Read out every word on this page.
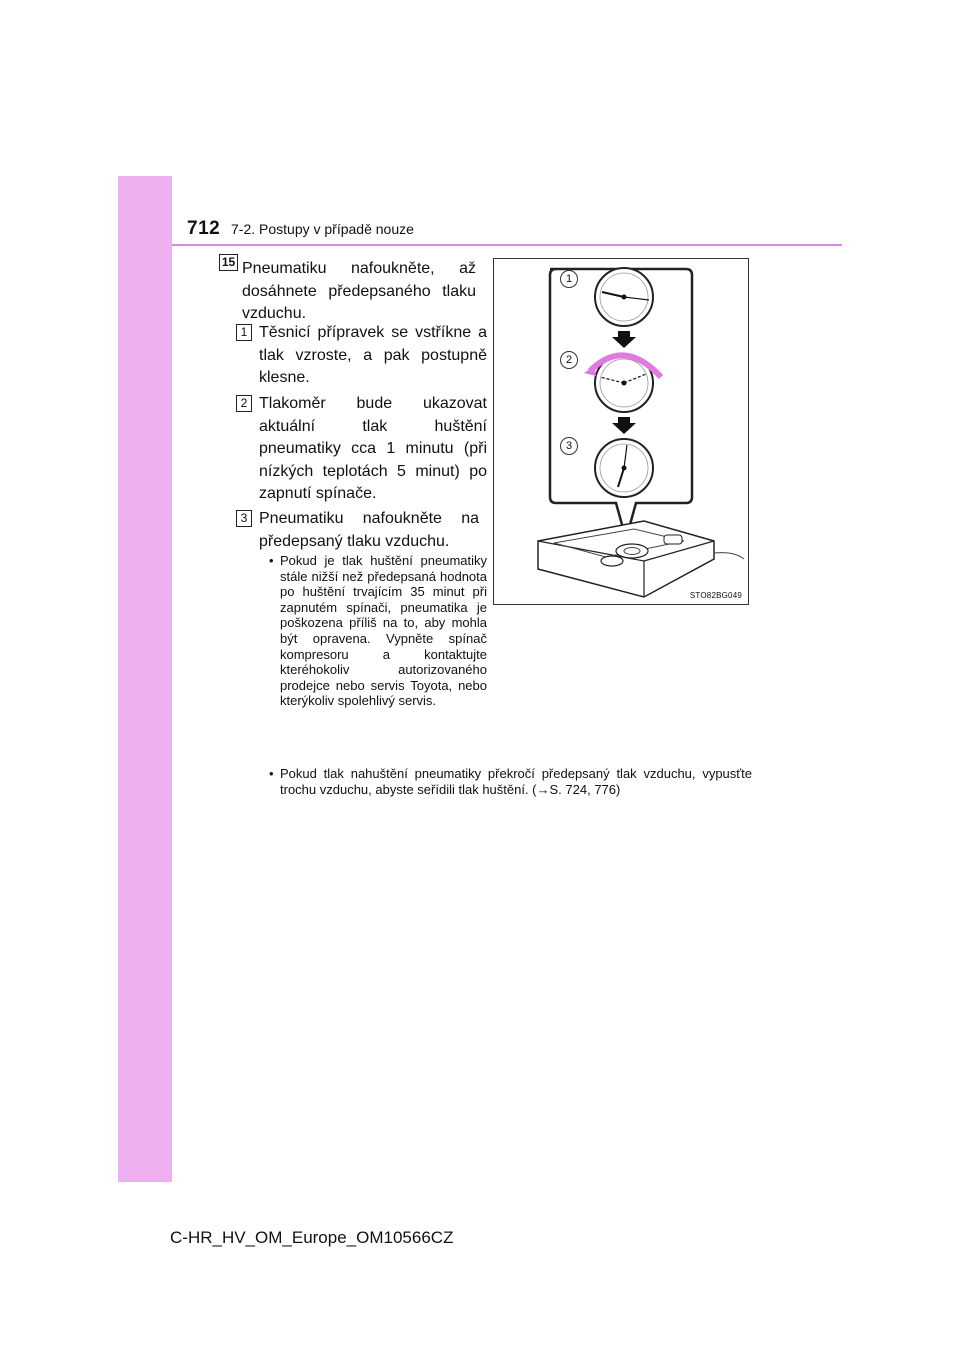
712 7-2. Postupy v případě nouze
15 Pneumatiku nafoukněte, až dosáhnete předepsaného tlaku vzduchu.
1 Těsnicí přípravek se vstříkne a tlak vzroste, a pak postupně klesne.
2 Tlakoměr bude ukazovat aktuální tlak huštění pneumatiky cca 1 minutu (při nízkých teplotách 5 minut) po zapnutí spínače.
3 Pneumatiku nafoukněte na předepsaný tlaku vzduchu.
• Pokud je tlak huštění pneumatiky stále nižší než předepsaná hodnota po huštění trvajícím 35 minut při zapnutém spínači, pneumatika je poškozena příliš na to, aby mohla být opravena. Vypněte spínač kompresoru a kontaktujte kteréhokoliv autorizovaného prodejce nebo servis Toyota, nebo kterýkoliv spolehlivý servis.
• Pokud tlak nahuštění pneumatiky překročí předepsaný tlak vzduchu, vypusťte trochu vzduchu, abyste seřídili tlak huštění. (→S. 724, 776)
1
2
3
STO82BG049
C-HR_HV_OM_Europe_OM10566CZ
